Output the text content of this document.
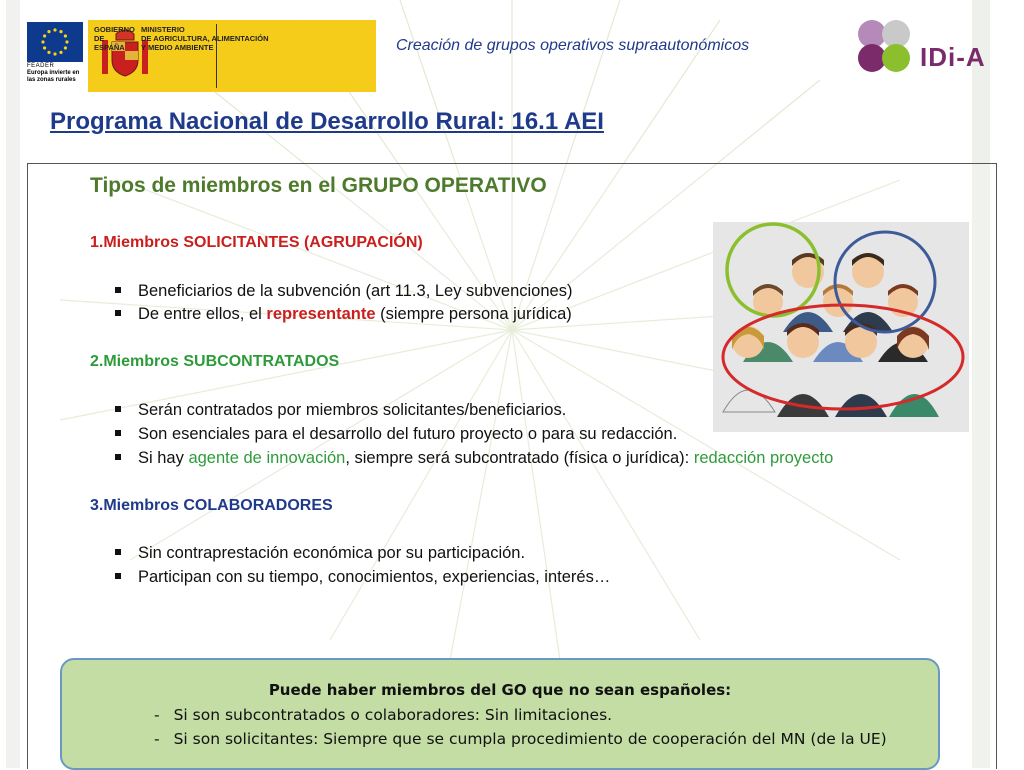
FEADER
Europa invierte en
las zonas rurales
GOBIERNO
DE ESPAÑA
MINISTERIO
DE AGRICULTURA, ALIMENTACIÓN
Y MEDIO AMBIENTE	Creación de grupos operativos supraautonómicos	IDi-A
Programa Nacional de Desarrollo Rural: 16.1 AEI
Tipos de miembros en el GRUPO OPERATIVO
1.Miembros SOLICITANTES (AGRUPACIÓN)
Beneficiarios de la subvención (art 11.3, Ley subvenciones)
De entre ellos, el representante (siempre persona jurídica)
2.Miembros SUBCONTRATADOS
Serán contratados por miembros solicitantes/beneficiarios.
Son esenciales para el desarrollo del futuro proyecto o para su redacción.
Si hay agente de innovación, siempre será subcontratado (física o jurídica): redacción proyecto
3.Miembros COLABORADORES
Sin contraprestación económica por su participación.
Participan con su tiempo, conocimientos, experiencias, interés…
Puede haber miembros del GO que no sean españoles:
- Si son subcontratados o colaboradores: Sin limitaciones.
- Si son solicitantes: Siempre que se cumpla procedimiento de cooperación del MN (de la UE)
